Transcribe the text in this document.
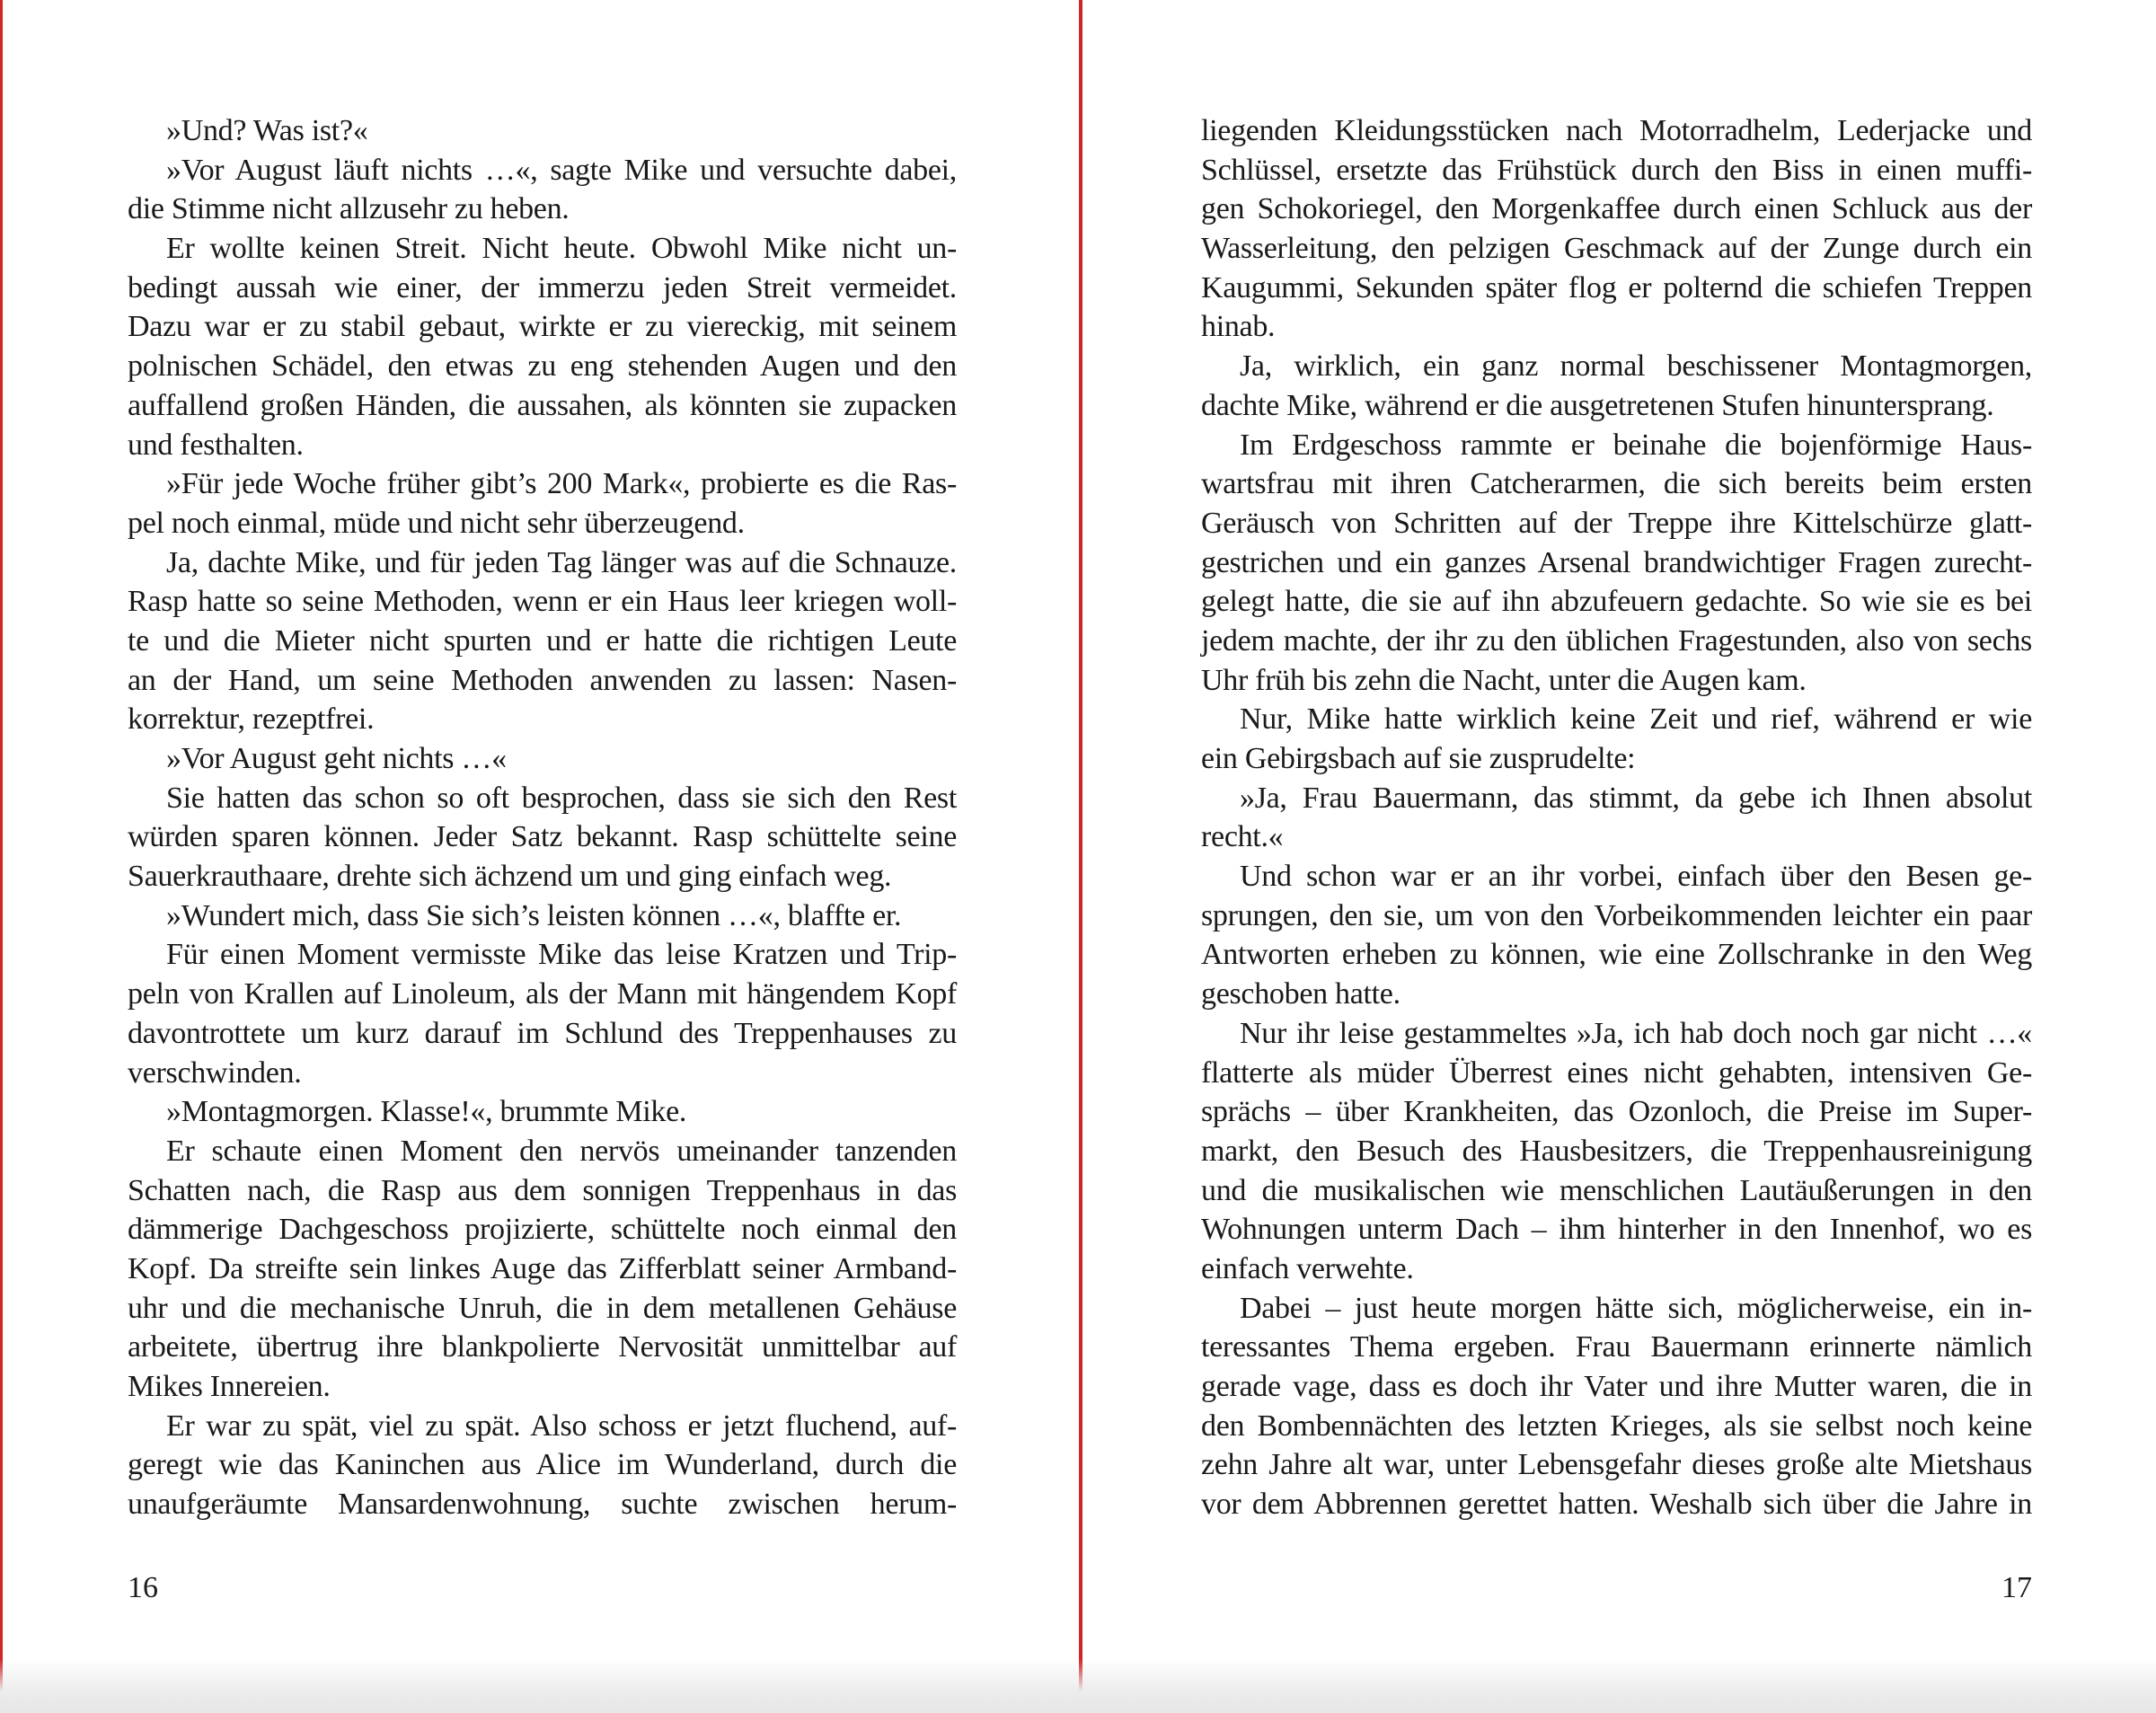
»Und? Was ist?«
»Vor August läuft nichts …«, sagte Mike und versuchte dabei,
die Stimme nicht allzusehr zu heben.
Er wollte keinen Streit. Nicht heute. Obwohl Mike nicht un-
bedingt aussah wie einer, der immerzu jeden Streit vermeidet.
Dazu war er zu stabil gebaut, wirkte er zu viereckig, mit seinem
polnischen Schädel, den etwas zu eng stehenden Augen und den
auffallend großen Händen, die aussahen, als könnten sie zupacken
und festhalten.
»Für jede Woche früher gibt’s 200 Mark«, probierte es die Ras-
pel noch einmal, müde und nicht sehr überzeugend.
Ja, dachte Mike, und für jeden Tag länger was auf die Schnauze.
Rasp hatte so seine Methoden, wenn er ein Haus leer kriegen woll-
te und die Mieter nicht spurten und er hatte die richtigen Leute
an der Hand, um seine Methoden anwenden zu lassen: Nasen-
korrektur, rezeptfrei.
»Vor August geht nichts …«
Sie hatten das schon so oft besprochen, dass sie sich den Rest
würden sparen können. Jeder Satz bekannt. Rasp schüttelte seine
Sauerkrauthaare, drehte sich ächzend um und ging einfach weg.
»Wundert mich, dass Sie sich’s leisten können …«, blaffte er.
Für einen Moment vermisste Mike das leise Kratzen und Trip-
peln von Krallen auf Linoleum, als der Mann mit hängendem Kopf
davontrottete um kurz darauf im Schlund des Treppenhauses zu
verschwinden.
»Montagmorgen. Klasse!«, brummte Mike.
Er schaute einen Moment den nervös umeinander tanzenden
Schatten nach, die Rasp aus dem sonnigen Treppenhaus in das
dämmerige Dachgeschoss projizierte, schüttelte noch einmal den
Kopf. Da streifte sein linkes Auge das Zifferblatt seiner Armband-
uhr und die mechanische Unruh, die in dem metallenen Gehäuse
arbeitete, übertrug ihre blankpolierte Nervosität unmittelbar auf
Mikes Innereien.
Er war zu spät, viel zu spät. Also schoss er jetzt fluchend, auf-
geregt wie das Kaninchen aus Alice im Wunderland, durch die
unaufgeräumte Mansardenwohnung, suchte zwischen herum-
16
liegenden Kleidungsstücken nach Motorradhelm, Lederjacke und
Schlüssel, ersetzte das Frühstück durch den Biss in einen muffi-
gen Schokoriegel, den Morgenkaffee durch einen Schluck aus der
Wasserleitung, den pelzigen Geschmack auf der Zunge durch ein
Kaugummi, Sekunden später flog er polternd die schiefen Treppen
hinab.
Ja, wirklich, ein ganz normal beschissener Montagmorgen,
dachte Mike, während er die ausgetretenen Stufen hinuntersprang.
Im Erdgeschoss rammte er beinahe die bojenförmige Haus-
wartsfrau mit ihren Catcherarmen, die sich bereits beim ersten
Geräusch von Schritten auf der Treppe ihre Kittelschürze glatt-
gestrichen und ein ganzes Arsenal brandwichtiger Fragen zurecht-
gelegt hatte, die sie auf ihn abzufeuern gedachte. So wie sie es bei
jedem machte, der ihr zu den üblichen Fragestunden, also von sechs
Uhr früh bis zehn die Nacht, unter die Augen kam.
Nur, Mike hatte wirklich keine Zeit und rief, während er wie
ein Gebirgsbach auf sie zusprudelte:
»Ja, Frau Bauermann, das stimmt, da gebe ich Ihnen absolut
recht.«
Und schon war er an ihr vorbei, einfach über den Besen ge-
sprungen, den sie, um von den Vorbeikommenden leichter ein paar
Antworten erheben zu können, wie eine Zollschranke in den Weg
geschoben hatte.
Nur ihr leise gestammeltes »Ja, ich hab doch noch gar nicht …«
flatterte als müder Überrest eines nicht gehabten, intensiven Ge-
sprächs – über Krankheiten, das Ozonloch, die Preise im Super-
markt, den Besuch des Hausbesitzers, die Treppenhausreinigung
und die musikalischen wie menschlichen Lautäußerungen in den
Wohnungen unterm Dach – ihm hinterher in den Innenhof, wo es
einfach verwehte.
Dabei – just heute morgen hätte sich, möglicherweise, ein in-
teressantes Thema ergeben. Frau Bauermann erinnerte nämlich
gerade vage, dass es doch ihr Vater und ihre Mutter waren, die in
den Bombennächten des letzten Krieges, als sie selbst noch keine
zehn Jahre alt war, unter Lebensgefahr dieses große alte Mietshaus
vor dem Abbrennen gerettet hatten. Weshalb sich über die Jahre in
17
